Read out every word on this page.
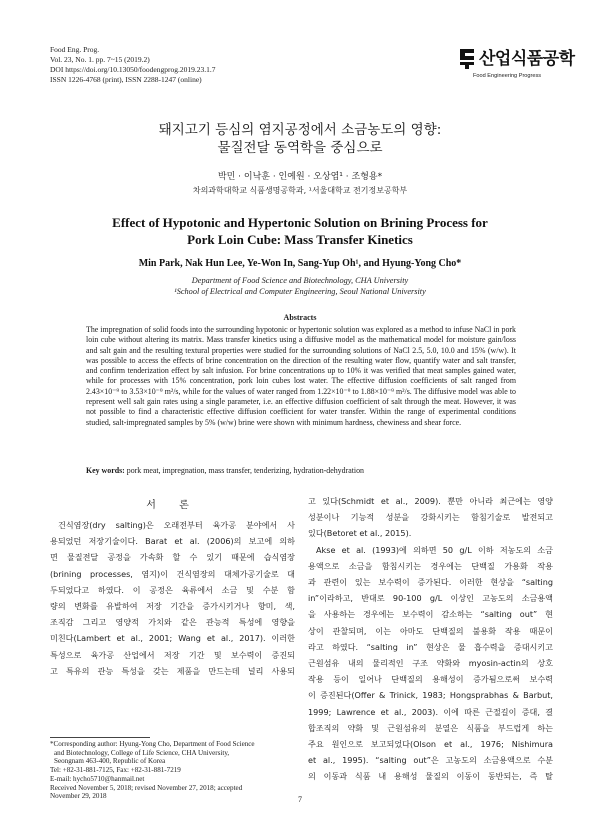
Food Eng. Prog.
Vol. 23, No. 1. pp. 7~15 (2019.2)
DOI https://doi.org/10.13050/foodengprog.2019.23.1.7
ISSN 1226-4768 (print), ISSN 2288-1247 (online)
산업식품공학
Food Engineering Progress
돼지고기 등심의 염지공정에서 소금농도의 영향:
물질전달 동역학을 중심으로
박민 · 이낙훈 · 인예원 · 오상엽¹ · 조형용*
차의과학대학교 식품생명공학과, ¹서울대학교 전기정보공학부
Effect of Hypotonic and Hypertonic Solution on Brining Process for
Pork Loin Cube: Mass Transfer Kinetics
Min Park, Nak Hun Lee, Ye-Won In, Sang-Yup Oh¹, and Hyung-Yong Cho*
Department of Food Science and Biotechnology, CHA University
¹School of Electrical and Computer Engineering, Seoul National University
Abstracts

The impregnation of solid foods into the surrounding hypotonic or hypertonic solution was explored as a method to infuse NaCl in pork loin cube without altering its matrix. Mass transfer kinetics using a diffusive model as the mathematical model for moisture gain/loss and salt gain and the resulting textural properties were studied for the surrounding solutions of NaCl 2.5, 5.0, 10.0 and 15% (w/w). It was possible to access the effects of brine concentration on the direction of the resulting water flow, quantify water and salt transfer, and confirm tenderization effect by salt infusion. For brine concentrations up to 10% it was verified that meat samples gained water, while for processes with 15% concentration, pork loin cubes lost water. The effective diffusion coefficients of salt ranged from 2.43×10⁻⁹ to 3.53×10⁻⁹ m²/s, while for the values of water ranged from 1.22×10⁻⁹ to 1.88×10⁻⁹ m²/s. The diffusive model was able to represent well salt gain rates using a single parameter, i.e. an effective diffusion coefficient of salt through the meat. However, it was not possible to find a characteristic effective diffusion coefficient for water transfer. Within the range of experimental conditions studied, salt-impregnated samples by 5% (w/w) brine were shown with minimum hardness, chewiness and shear force.

Key words: pork meat, impregnation, mass transfer, tenderizing, hydration-dehydration
서 론
건식염장(dry salting)은 오래전부터 육가공 분야에서 사
용되었던 저장기술이다. Barat et al. (2006)의 보고에 의하
면 물질전달 공정을 가속화 할 수 있기 때문에 습식염장
(brining processes, 염지)이 건식염장의 대체가공기술로 대
두되었다고 하였다. 이 공정은 육류에서 소금 및 수분 함
량의 변화를 유발하여 저장 기간을 증가시키거나 향미, 색,
조직감 그리고 영양적 가치와 같은 관능적 특성에 영향을
미친다(Lambert et al., 2001; Wang et al., 2017). 이러한
특성으로 육가공 산업에서 저장 기간 및 보수력이 증진되
고 특유의 관능 특성을 갖는 제품을 만드는데 널리 사용되
고 있다(Schmidt et al., 2009). 뿐만 아니라 최근에는 영양
성분이나 기능적 성분을 강화시키는 함침기술로 발전되고
있다(Betoret et al., 2015).
Akse et al. (1993)에 의하면 50 g/L 이하 저농도의 소금
용액으로 소금을 함침시키는 경우에는 단백질 가용화 작용
과 관련이 있는 보수력이 증가된다. 이러한 현상을 “salting
in”이라하고, 반대로 90-100 g/L 이상인 고농도의 소금용액
을 사용하는 경우에는 보수력이 감소하는 “salting out” 현
상이 관찰되며, 이는 아마도 단백질의 불용화 작용 때문이
라고 하였다. “salting in” 현상은 물 흡수력을 증대시키고
근원섬유 내의 물리적인 구조 약화와 myosin-actin의 상호
작용 등이 일어나 단백질의 용해성이 증가됨으로써 보수력
이 증진된다(Offer & Trinick, 1983; Hongsprabhas & Barbut,
1999; Lawrence et al., 2003). 이에 따른 근절길이 증대, 결
합조직의 약화 및 근원섬유의 분열은 식품을 부드럽게 하는
주요 원인으로 보고되었다(Olson et al., 1976; Nishimura
et al., 1995). “salting out”은 고농도의 소금용액으로 수분
의 이동과 식품 내 용해성 물질의 이동이 동반되는, 즉 탈
*Corresponding author: Hyung-Yong Cho, Department of Food Science
and Biotechnology, College of Life Science, CHA University,
Seongnam 463-400, Republic of Korea
Tel: +82-31-881-7125, Fax: +82-31-881-7219
E-mail: hycho5710@hanmail.net
Received November 5, 2018; revised November 27, 2018; accepted
November 29, 2018	7
